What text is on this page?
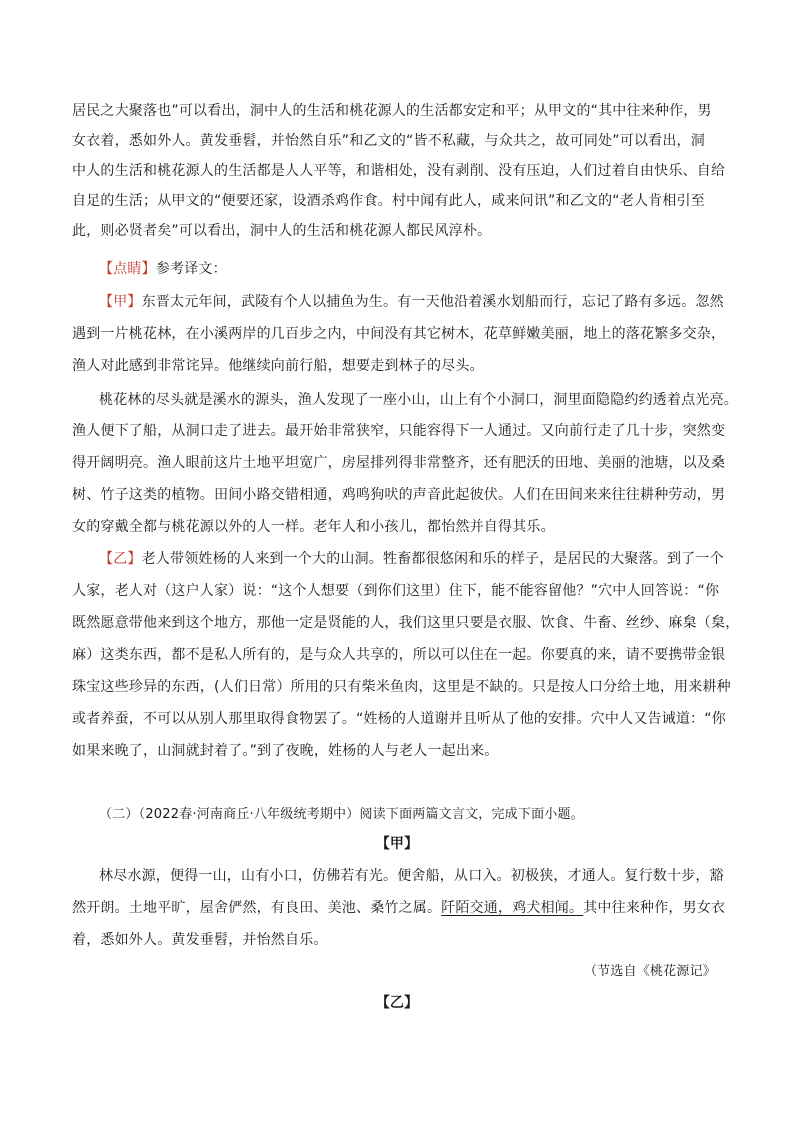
居民之大聚落也”可以看出，洞中人的生活和桃花源人的生活都安定和平；从甲文的“其中往来种作，男
女衣着，悉如外人。黄发垂髫，并怡然自乐”和乙文的“皆不私藏，与众共之，故可同处”可以看出，洞
中人的生活和桃花源人的生活都是人人平等，和谐相处，没有剥削、没有压迫，人们过着自由快乐、自给
自足的生活；从甲文的“便要还家，设酒杀鸡作食。村中闻有此人，咸来问讯”和乙文的“老人肯相引至
此，则必贤者矣”可以看出，洞中人的生活和桃花源人都民风淳朴。
【点睛】参考译文：
【甲】东晋太元年间，武陵有个人以捕鱼为生。有一天他沿着溪水划船而行，忘记了路有多远。忽然
遇到一片桃花林，在小溪两岸的几百步之内，中间没有其它树木，花草鲜嫩美丽，地上的落花繁多交杂，
渔人对此感到非常诧异。他继续向前行船，想要走到林子的尽头。
桃花林的尽头就是溪水的源头，渔人发现了一座小山，山上有个小洞口，洞里面隐隐约约透着点光亮。
渔人便下了船，从洞口走了进去。最开始非常狭窄，只能容得下一人通过。又向前行走了几十步，突然变
得开阔明亮。渔人眼前这片土地平坦宽广，房屋排列得非常整齐，还有肥沃的田地、美丽的池塘，以及桑
树、竹子这类的植物。田间小路交错相通，鸡鸣狗吠的声音此起彼伏。人们在田间来来往往耕种劳动，男
女的穿戴全都与桃花源以外的人一样。老年人和小孩儿，都怡然并自得其乐。
【乙】老人带领姓杨的人来到一个大的山洞。牲畜都很悠闲和乐的样子，是居民的大聚落。到了一个
人家，老人对（这户人家）说：“这个人想要（到你们这里）住下，能不能容留他？”穴中人回答说：“你
既然愿意带他来到这个地方，那他一定是贤能的人，我们这里只要是衣服、饮食、牛畜、丝纱、麻枲（枲，
麻）这类东西，都不是私人所有的，是与众人共享的，所以可以住在一起。你要真的来，请不要携带金银
珠宝这些珍异的东西，(人们日常）所用的只有柴米鱼肉，这里是不缺的。只是按人口分给土地，用来耕种
或者养蚕，不可以从别人那里取得食物罢了。“姓杨的人道谢并且听从了他的安排。穴中人又告诫道：“你
如果来晚了，山洞就封着了。”到了夜晚，姓杨的人与老人一起出来。
（二）（2022春·河南商丘·八年级统考期中）阅读下面两篇文言文，完成下面小题。
【甲】
林尽水源，便得一山，山有小口，仿佛若有光。便舍船，从口入。初极狭，才通人。复行数十步，豁
然开朗。土地平旷，屋舍俨然，有良田、美池、桑竹之属。阡陌交通，鸡犬相闻。其中往来种作，男女衣
着，悉如外人。黄发垂髫，并怡然自乐。
（节选自《桃花源记》
【乙】
